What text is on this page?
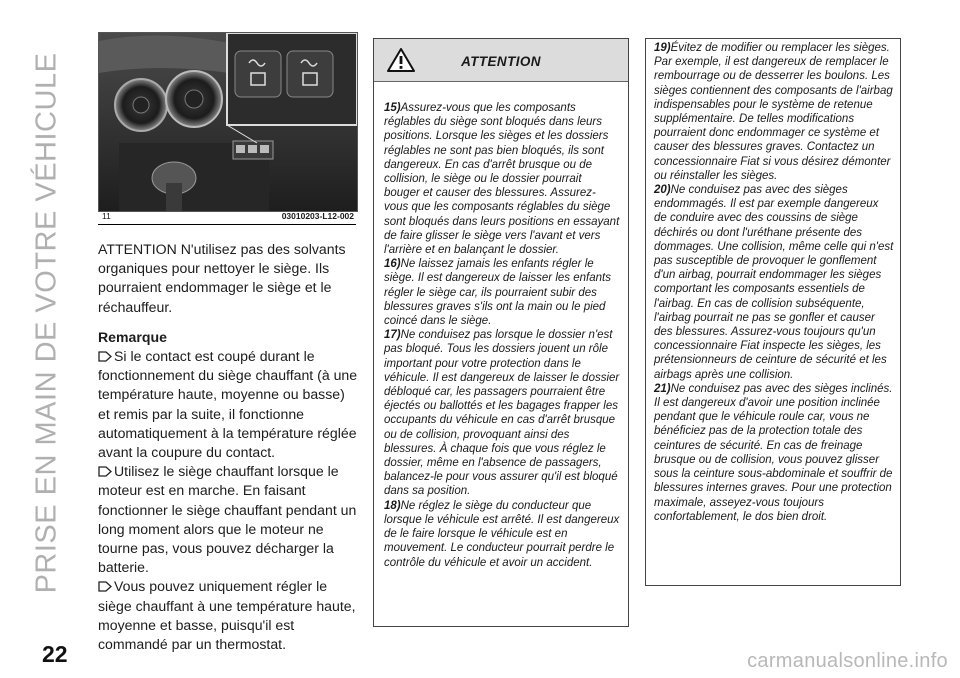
PRISE EN MAIN DE VOTRE VÉHICULE	11	03010203-L12-002

ATTENTION N'utilisez pas des solvants organiques pour nettoyer le siège. Ils pourraient endommager le siège et le réchauffeur.

Remarque

Si le contact est coupé durant le fonctionnement du siège chauffant (à une température haute, moyenne ou basse) et remis par la suite, il fonctionne automatiquement à la température réglée avant la coupure du contact.

Utilisez le siège chauffant lorsque le moteur est en marche. En faisant fonctionner le siège chauffant pendant un long moment alors que le moteur ne tourne pas, vous pouvez décharger la batterie.

Vous pouvez uniquement régler le siège chauffant à une température haute, moyenne et basse, puisqu'il est commandé par un thermostat.

ATTENTION

15)Assurez-vous que les composants réglables du siège sont bloqués dans leurs positions. Lorsque les sièges et les dossiers réglables ne sont pas bien bloqués, ils sont dangereux. En cas d'arrêt brusque ou de collision, le siège ou le dossier pourrait bouger et causer des blessures. Assurez-vous que les composants réglables du siège sont bloqués dans leurs positions en essayant de faire glisser le siège vers l'avant et vers l'arrière et en balançant le dossier.

16)Ne laissez jamais les enfants régler le siège. Il est dangereux de laisser les enfants régler le siège car, ils pourraient subir des blessures graves s'ils ont la main ou le pied coincé dans le siège.

17)Ne conduisez pas lorsque le dossier n'est pas bloqué. Tous les dossiers jouent un rôle important pour votre protection dans le véhicule. Il est dangereux de laisser le dossier débloqué car, les passagers pourraient être éjectés ou ballottés et les bagages frapper les occupants du véhicule en cas d'arrêt brusque ou de collision, provoquant ainsi des blessures. À chaque fois que vous réglez le dossier, même en l'absence de passagers, balancez-le pour vous assurer qu'il est bloqué dans sa position.

18)Ne réglez le siège du conducteur que lorsque le véhicule est arrêté. Il est dangereux de le faire lorsque le véhicule est en mouvement. Le conducteur pourrait perdre le contrôle du véhicule et avoir un accident.

19)Évitez de modifier ou remplacer les sièges. Par exemple, il est dangereux de remplacer le rembourrage ou de desserrer les boulons. Les sièges contiennent des composants de l'airbag indispensables pour le système de retenue supplémentaire. De telles modifications pourraient donc endommager ce système et causer des blessures graves. Contactez un concessionnaire Fiat si vous désirez démonter ou réinstaller les sièges.

20)Ne conduisez pas avec des sièges endommagés. Il est par exemple dangereux de conduire avec des coussins de siège déchirés ou dont l'uréthane présente des dommages. Une collision, même celle qui n'est pas susceptible de provoquer le gonflement d'un airbag, pourrait endommager les sièges comportant les composants essentiels de l'airbag. En cas de collision subséquente, l'airbag pourrait ne pas se gonfler et causer des blessures. Assurez-vous toujours qu'un concessionnaire Fiat inspecte les sièges, les prétensionneurs de ceinture de sécurité et les airbags après une collision.

21)Ne conduisez pas avec des sièges inclinés. Il est dangereux d'avoir une position inclinée pendant que le véhicule roule car, vous ne bénéficiez pas de la protection totale des ceintures de sécurité. En cas de freinage brusque ou de collision, vous pouvez glisser sous la ceinture sous-abdominale et souffrir de blessures internes graves. Pour une protection maximale, asseyez-vous toujours confortablement, le dos bien droit.

22	carmanualsonline.info
